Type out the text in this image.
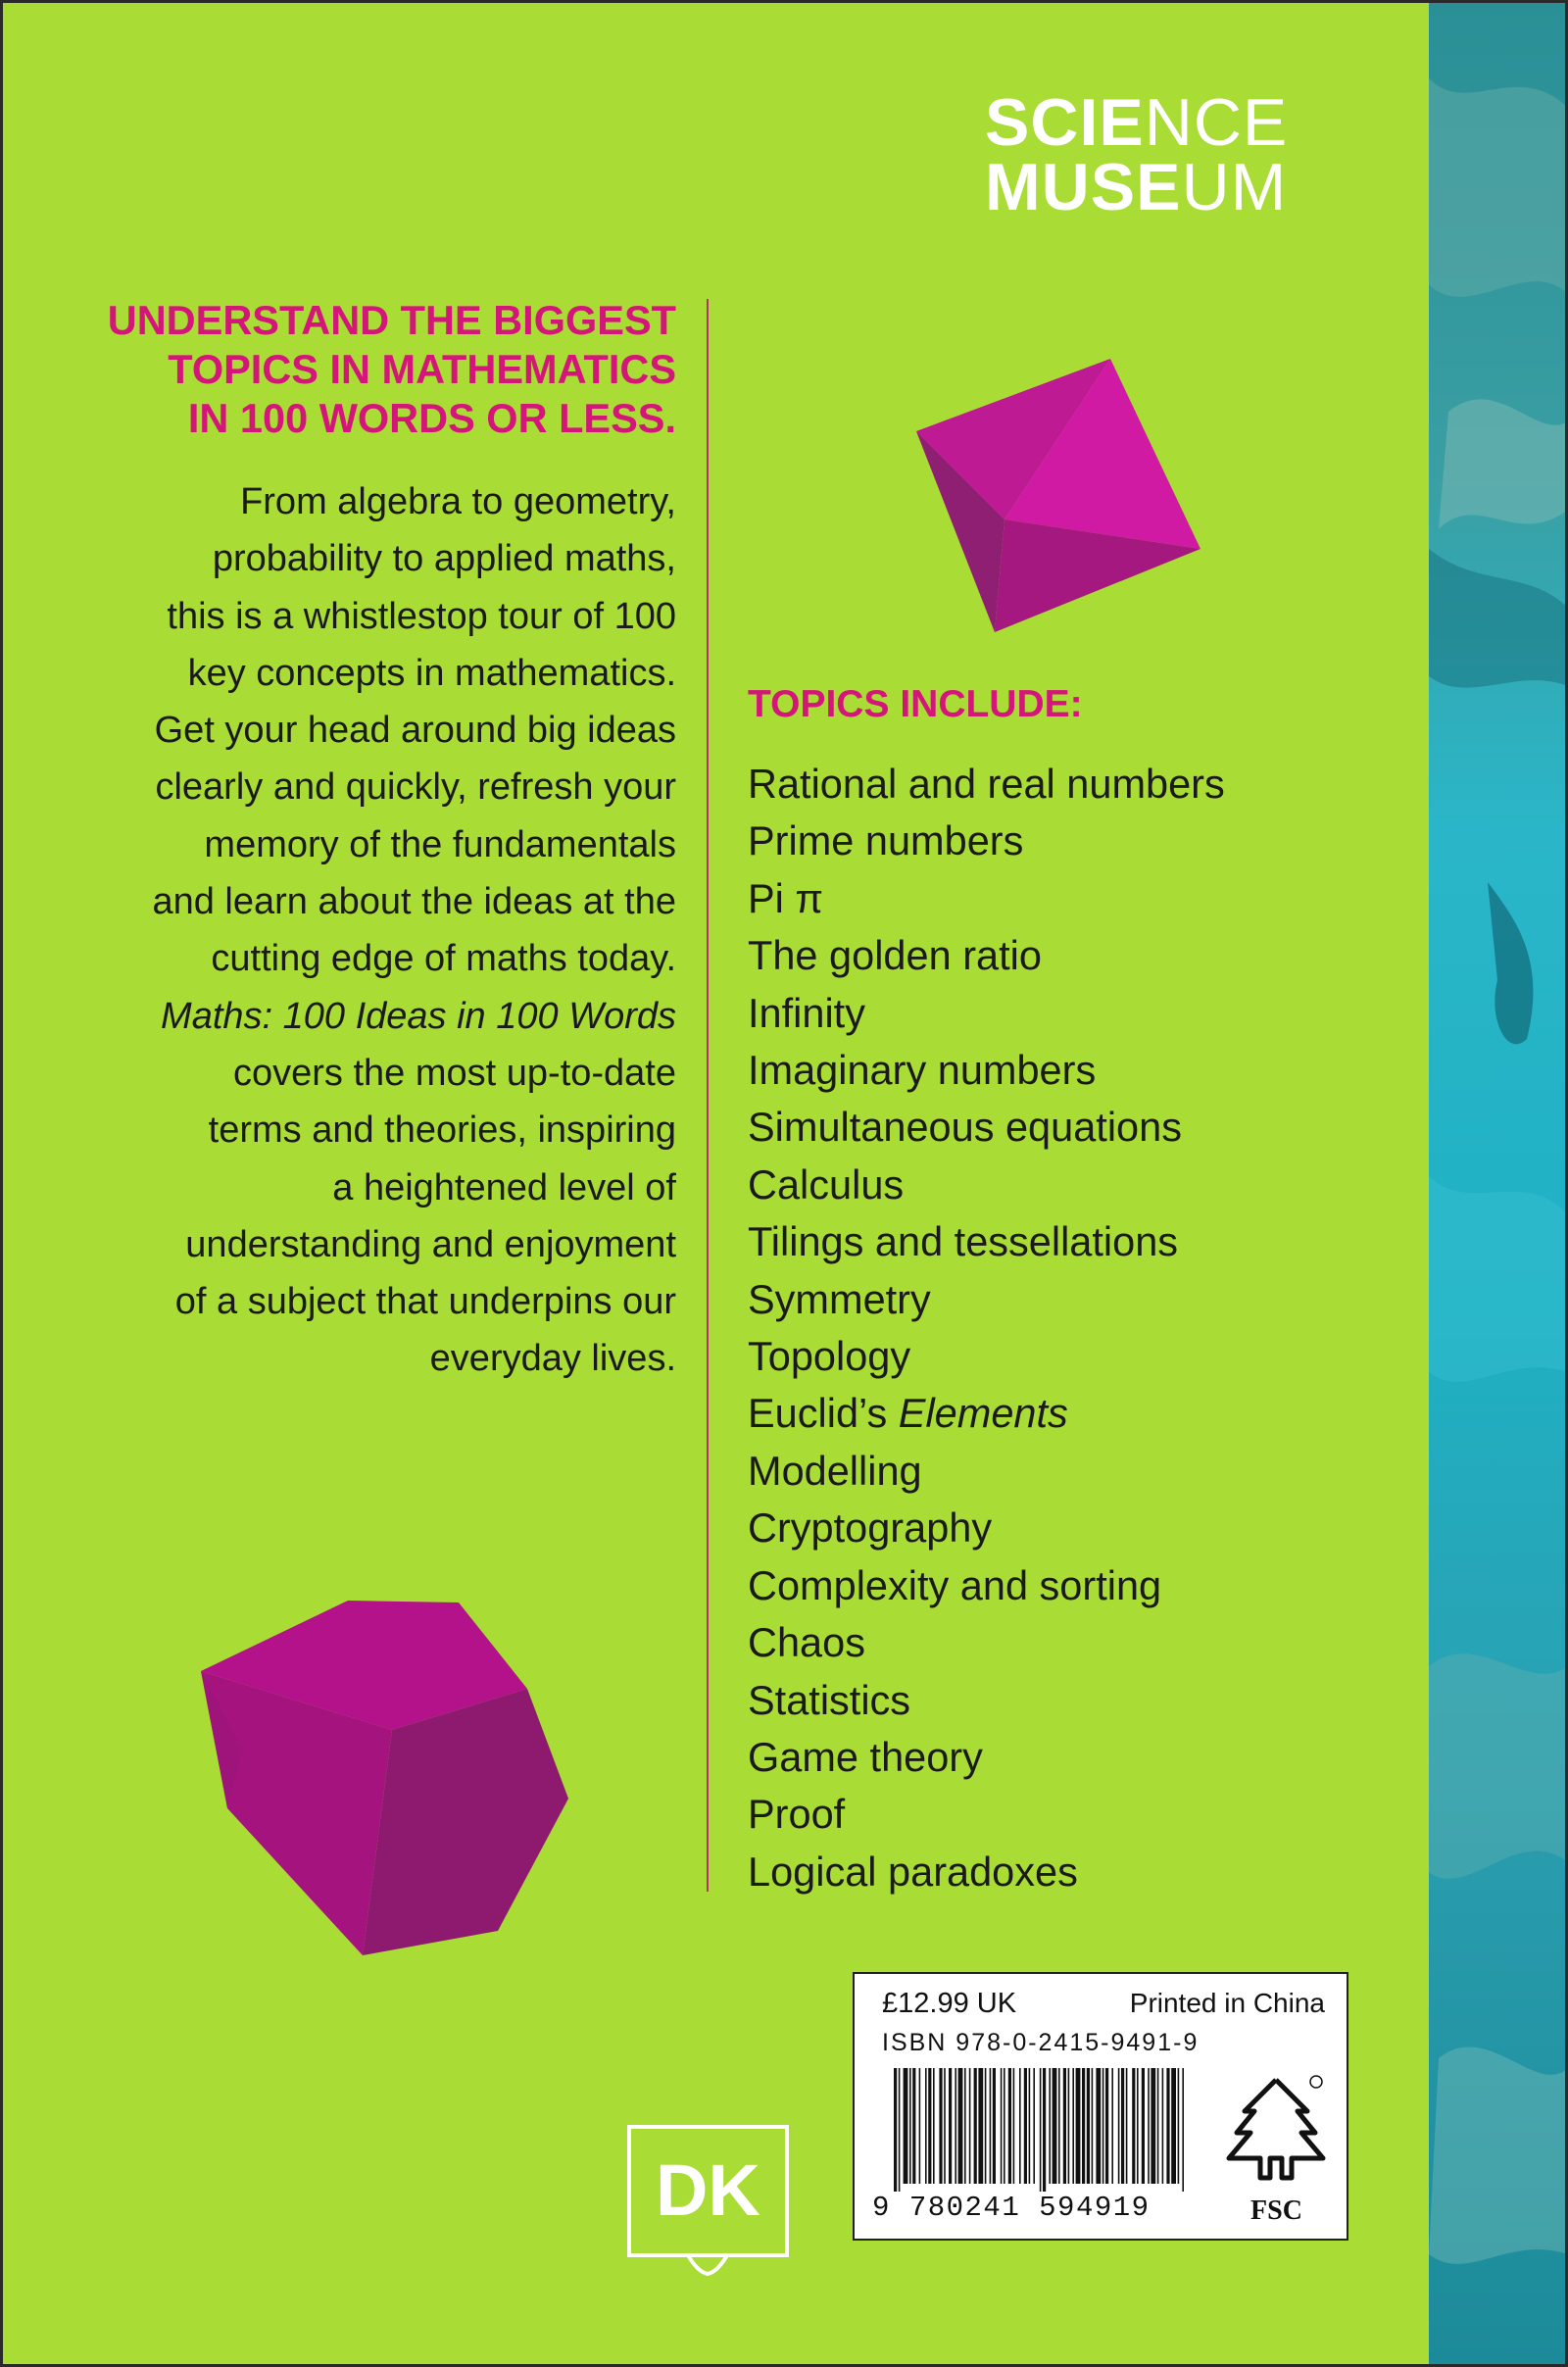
SCIENCE
MUSEUM
UNDERSTAND THE BIGGEST
TOPICS IN MATHEMATICS
IN 100 WORDS OR LESS.
From algebra to geometry,
probability to applied maths,
this is a whistlestop tour of 100
key concepts in mathematics.
Get your head around big ideas
clearly and quickly, refresh your
memory of the fundamentals
and learn about the ideas at the
cutting edge of maths today.
Maths: 100 Ideas in 100 Words
covers the most up-to-date
terms and theories, inspiring
a heightened level of
understanding and enjoyment
of a subject that underpins our
everyday lives.
TOPICS INCLUDE:
Rational and real numbers
Prime numbers
Pi π
The golden ratio
Infinity
Imaginary numbers
Simultaneous equations
Calculus
Tilings and tessellations
Symmetry
Topology
Euclid’s Elements
Modelling
Cryptography
Complexity and sorting
Chaos
Statistics
Game theory
Proof
Logical paradoxes
DK
£12.99 UK	Printed in China
ISBN 978-0-2415-9491-9
9 780241 594919	FSC
